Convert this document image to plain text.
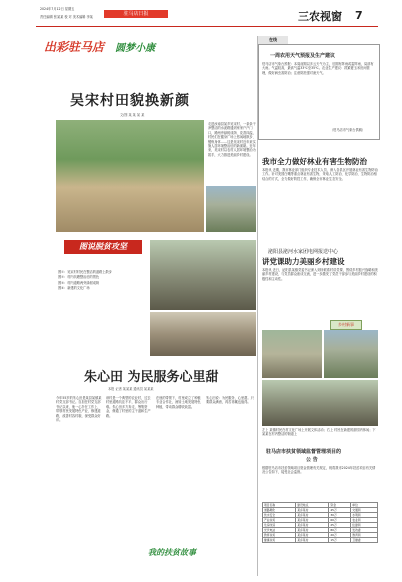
2024年7月12日 星期五
驻马店日报
责任编辑 张某某 校 对 美术编辑 李某	三农视窗 7
出彩驻马店 圆梦小康
吴宋村田貌换新颜
文/图 某 某 某 某

走进汝南县某乡吴宋村，一条条干净整洁的水泥路通到家家户户门口，路两旁绿树成荫、花香四溢，村民们在健身广场上悠闲地散步、锻炼身体……这是吴宋村近年来实施人居环境整治后的新面貌。近年来，吴宋村以农村人居环境整治为抓手，大力推进美丽乡村建设。

图说脱贫攻坚

图①：吴宋村村民在整洁的道路上散步

图②：村内坑塘整治后的景色

图③：村内道路两旁绿树成荫

图④：新建的文化广场

朱心田 为民服务心里甜
本报 记者 某某某 通讯员 某某某

今年55岁的朱心田是某县某镇某村党支部书记。自担任村党支部书记以来，他一心扑在工作上，带领村民发展特色产业，修建道路，改善村容村貌，深受群众好评。

该村是一个典型的农业村，过去村里道路坑洼不平，群众出行难。朱心田多方奔走，筹集资金，修通了村里的主干道和生产路。

在他的带领下，村里成立了种植专业合作社，流转土地发展特色种植，带动群众增收致富。

朱心田说：为民服务，心里甜。只要群众满意，再苦再累也值得。

我的扶贫故事
在线
一周农用天气预报及生产建议

驻马店市气象台预报：本周前期以多云天气为主，后期有阵雨或雷阵雨，局部有大雨。气温较高，最高气温33℃至35℃。农业生产建议：抓紧夏玉米田间管理，做好病虫害防治；注意防范强对流天气。

（驻马店市气象台供稿）
我市全力做好林业有害生物防治

本报讯 近期，我市林业部门组织专业技术人员，深入各县区开展林业有害生物防治工作。针对美国白蛾等重点林业有害生物，采取人工防治、化学防治、生物防治相结合的方式，全力做好防控工作，确保全市林业生态安全。

泌阳县泌河水家团电网报送中心
讲党课助力美丽乡村建设

本报讯 近日，泌阳县某镇党委书记深入到所联系村讲党课，围绕乡村振兴战略和美丽乡村建设，与党员群众座谈交流，进一步激发了党员干部参与美丽乡村建设的积极性和主动性。

乡村新事

左上 某镇村民在村文化广场上开展文体活动；右上 村民在新建的游园内休闲；下 某某在村内整洁的街道上

驻马店市扶贫领域监督管理项目的
公 告

根据驻马店市扶贫领域项目资金管理有关规定，现将我市2024年扶贫项目有关情况公告如下，接受社会监督。

项目名称	建设地点	资金	单位
道路硬化	某乡某村	45万	交通局
饮水安全	某乡某村	30万	水利局
产业扶贫	某乡某村	60万	农业局
危房改造	某乡某村	25万	住建局
光伏电站	某乡某村	80万	发改委
教育扶贫	某乡某村	20万	教育局
健康扶贫	某乡某村	15万	卫健委
